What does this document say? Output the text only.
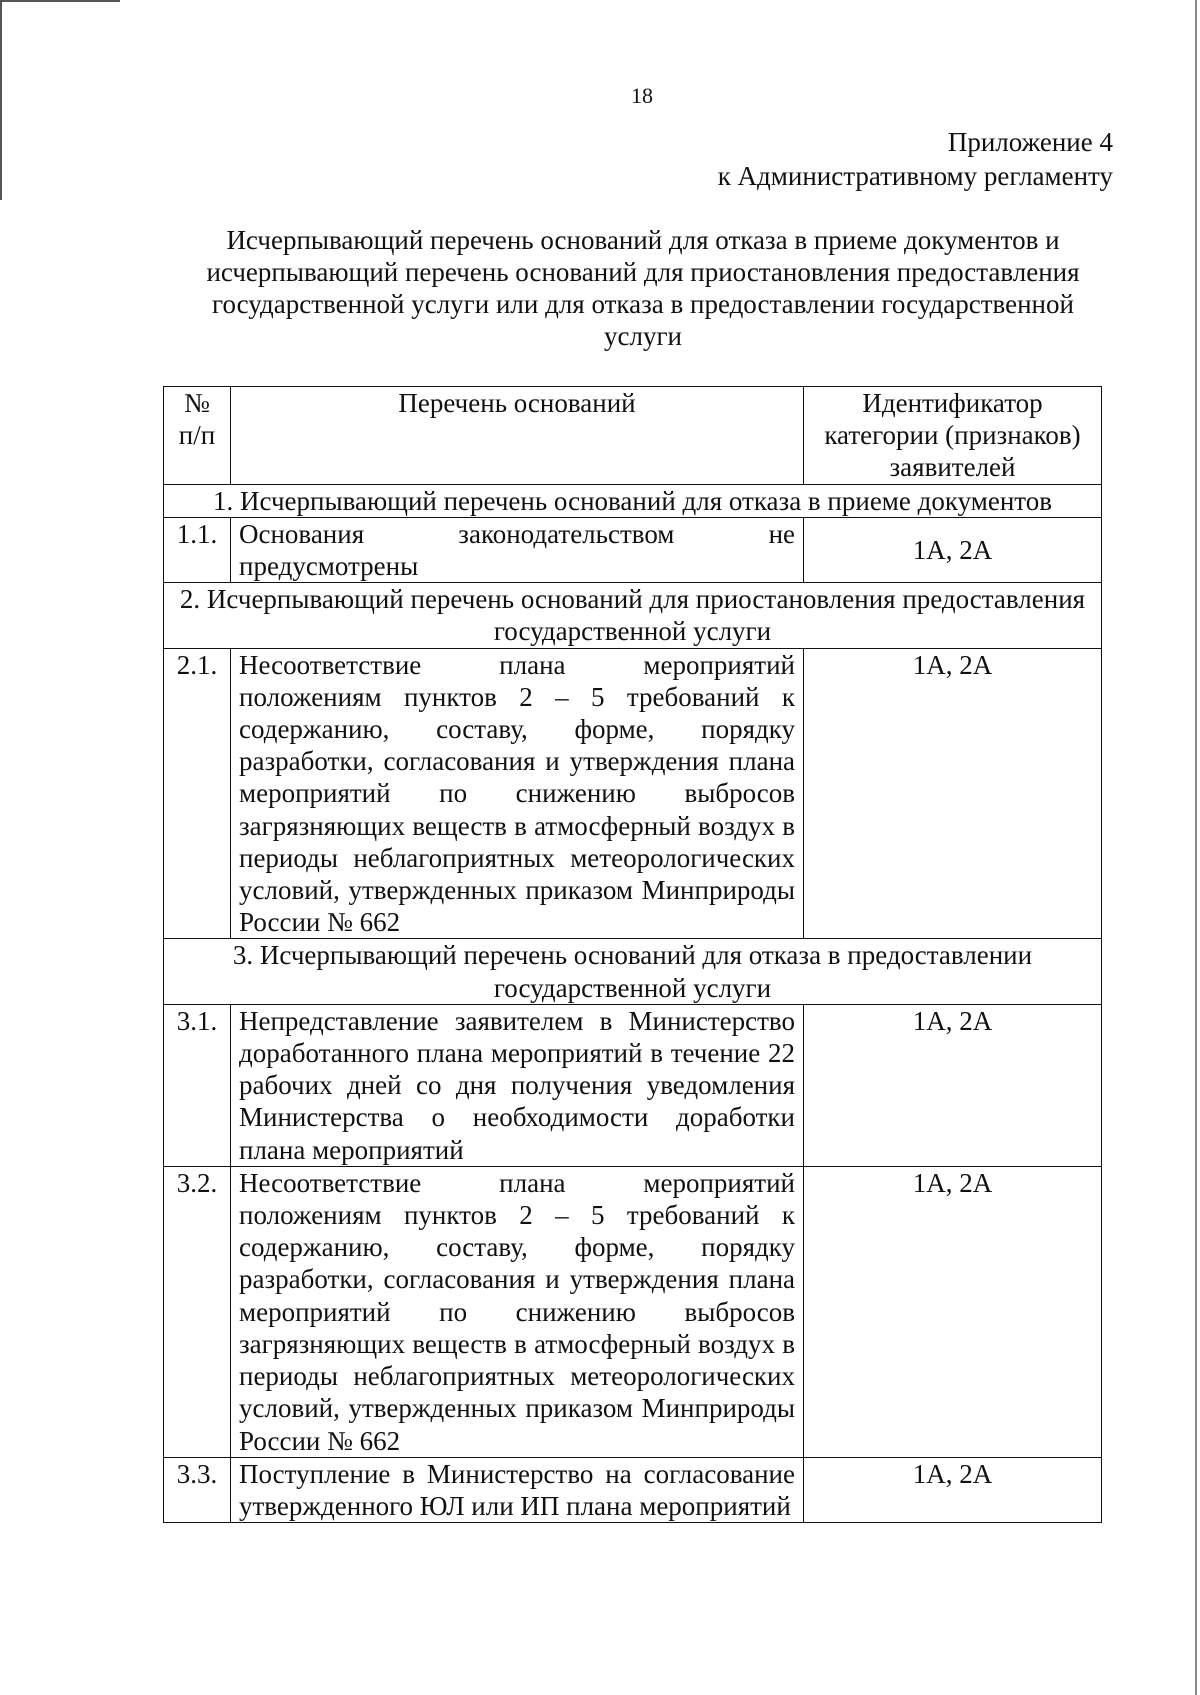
18
Приложение 4
к Административному регламенту
Исчерпывающий перечень оснований для отказа в приеме документов и
исчерпывающий перечень оснований для приостановления предоставления
государственной услуги или для отказа в предоставлении государственной
услуги
№ п/п	Перечень оснований	Идентификатор категории (признаков) заявителей
1. Исчерпывающий перечень оснований для отказа в приеме документов		
1.1.	Основания законодательством не предусмотрены	1А, 2А
2. Исчерпывающий перечень оснований для приостановления предоставления государственной услуги		
2.1.	Несоответствие плана мероприятий положениям пунктов 2 – 5 требований к содержанию, составу, форме, порядку разработки, согласования и утверждения плана мероприятий по снижению выбросов загрязняющих веществ в атмосферный воздух в периоды неблагоприятных метеорологических условий, утвержденных приказом Минприроды России № 662	1А, 2А
3. Исчерпывающий перечень оснований для отказа в предоставлении государственной услуги		
3.1.	Непредставление заявителем в Министерство доработанного плана мероприятий в течение 22 рабочих дней со дня получения уведомления Министерства о необходимости доработки плана мероприятий	1А, 2А
3.2.	Несоответствие плана мероприятий положениям пунктов 2 – 5 требований к содержанию, составу, форме, порядку разработки, согласования и утверждения плана мероприятий по снижению выбросов загрязняющих веществ в атмосферный воздух в периоды неблагоприятных метеорологических условий, утвержденных приказом Минприроды России № 662	1А, 2А
3.3.	Поступление в Министерство на согласование утвержденного ЮЛ или ИП плана мероприятий	1А, 2А
